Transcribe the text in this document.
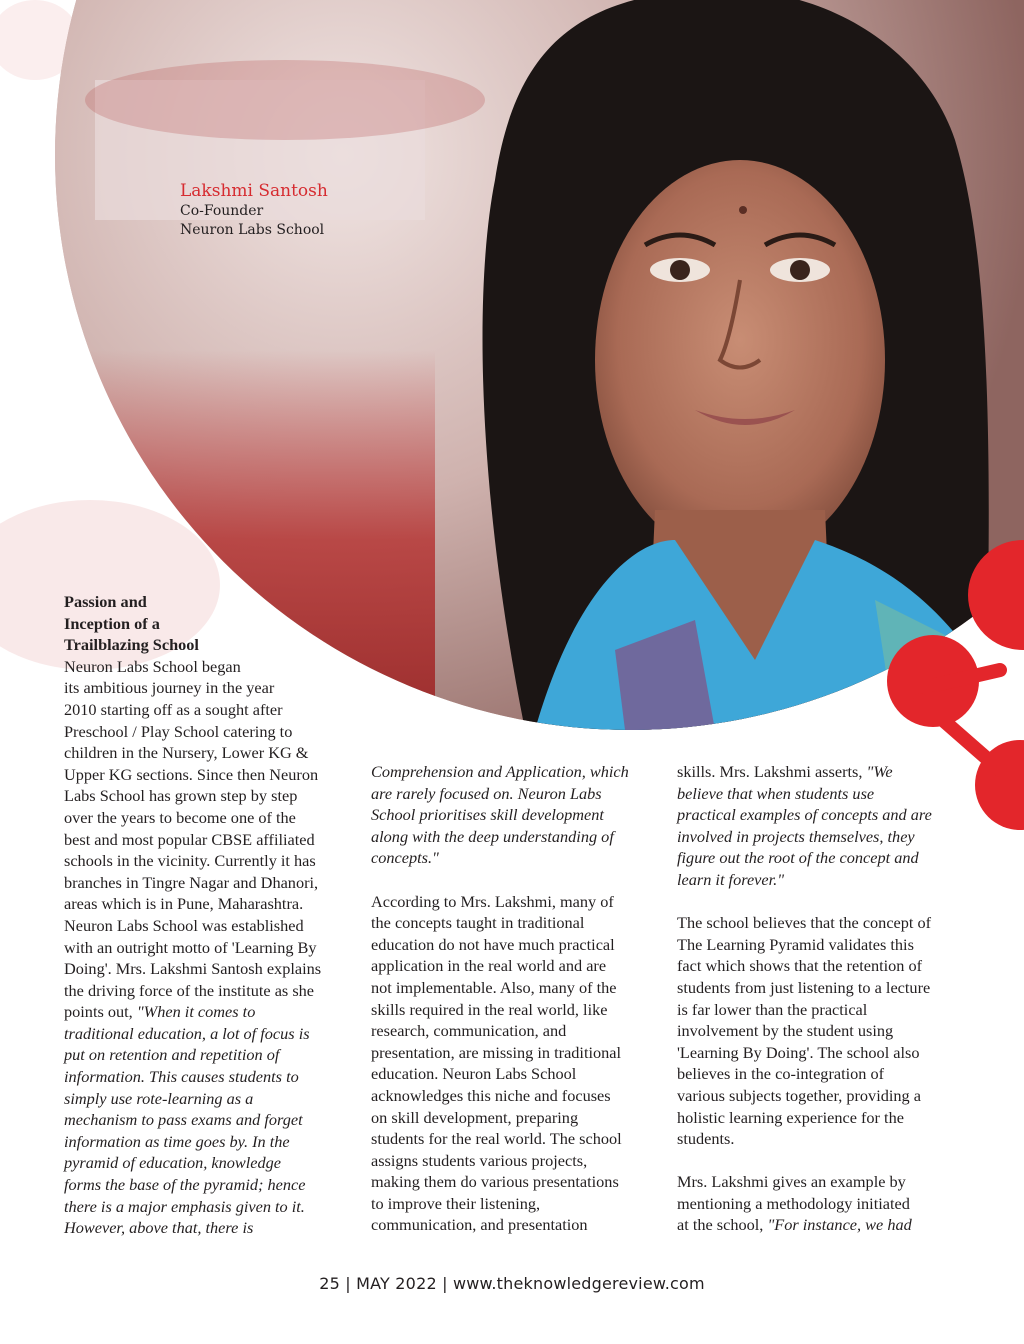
Lakshmi Santosh
Co-Founder
Neuron Labs School

Passion and

Inception of a

Trailblazing School

Neuron Labs School began

its ambitious journey in the year

2010 starting off as a sought after

Preschool / Play School catering to

children in the Nursery, Lower KG &

Upper KG sections. Since then Neuron

Labs School has grown step by step

over the years to become one of the

best and most popular CBSE affiliated

schools in the vicinity. Currently it has

branches in Tingre Nagar and Dhanori,

areas which is in Pune, Maharashtra.

Neuron Labs School was established

with an outright motto of 'Learning By

Doing'. Mrs. Lakshmi Santosh explains

the driving force of the institute as she

points out, "When it comes to

traditional education, a lot of focus is

put on retention and repetition of

information. This causes students to

simply use rote-learning as a

mechanism to pass exams and forget

information as time goes by. In the

pyramid of education, knowledge

forms the base of the pyramid; hence

there is a major emphasis given to it.

However, above that, there is

Comprehension and Application, which

are rarely focused on. Neuron Labs

School prioritises skill development

along with the deep understanding of

concepts."

According to Mrs. Lakshmi, many of

the concepts taught in traditional

education do not have much practical

application in the real world and are

not implementable. Also, many of the

skills required in the real world, like

research, communication, and

presentation, are missing in traditional

education. Neuron Labs School

acknowledges this niche and focuses

on skill development, preparing

students for the real world. The school

assigns students various projects,

making them do various presentations

to improve their listening,

communication, and presentation

skills. Mrs. Lakshmi asserts, "We

believe that when students use

practical examples of concepts and are

involved in projects themselves, they

figure out the root of the concept and

learn it forever."

The school believes that the concept of

The Learning Pyramid validates this

fact which shows that the retention of

students from just listening to a lecture

is far lower than the practical

involvement by the student using

'Learning By Doing'. The school also

believes in the co-integration of

various subjects together, providing a

holistic learning experience for the

students.

Mrs. Lakshmi gives an example by

mentioning a methodology initiated

at the school, "For instance, we had

25 | MAY 2022 | www.theknowledgereview.com
